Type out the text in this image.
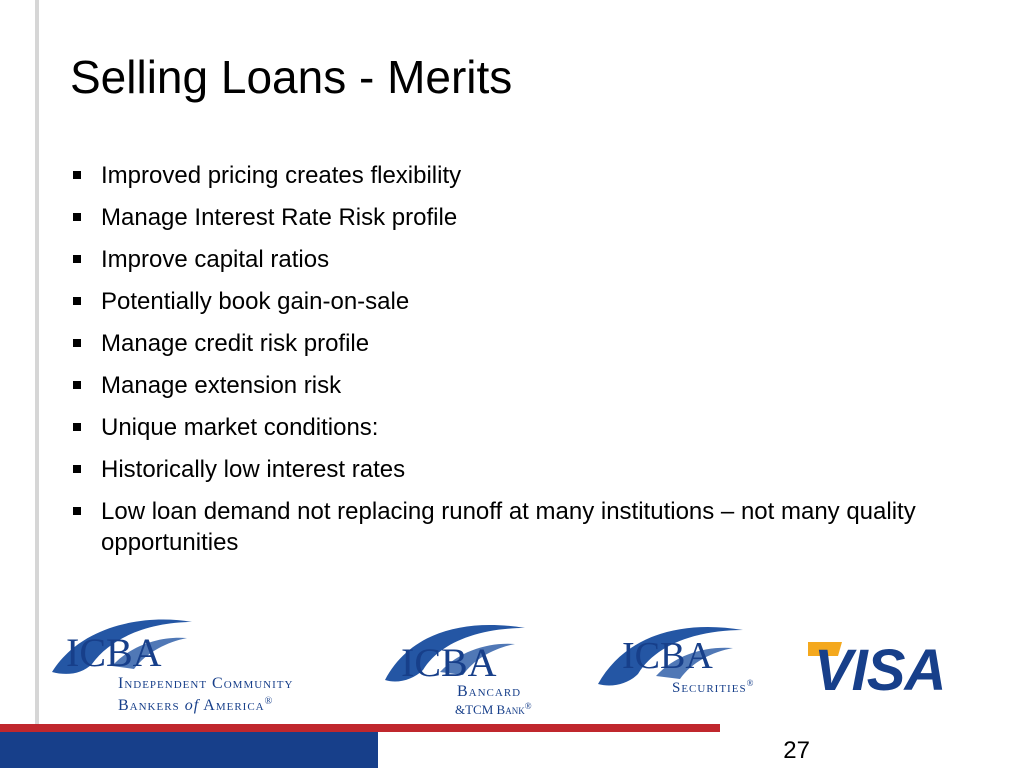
Selling Loans - Merits
Improved pricing creates flexibility
Manage Interest Rate Risk profile
Improve capital ratios
Potentially book gain-on-sale
Manage credit risk profile
Manage extension risk
Unique market conditions:
Historically low interest rates
Low loan demand not replacing runoff at many institutions – not many quality opportunities
ICBA
Independent Community
Bankers of America®
ICBA
Bancard
&TCM Bank®
ICBA
Securities® VISA
27
